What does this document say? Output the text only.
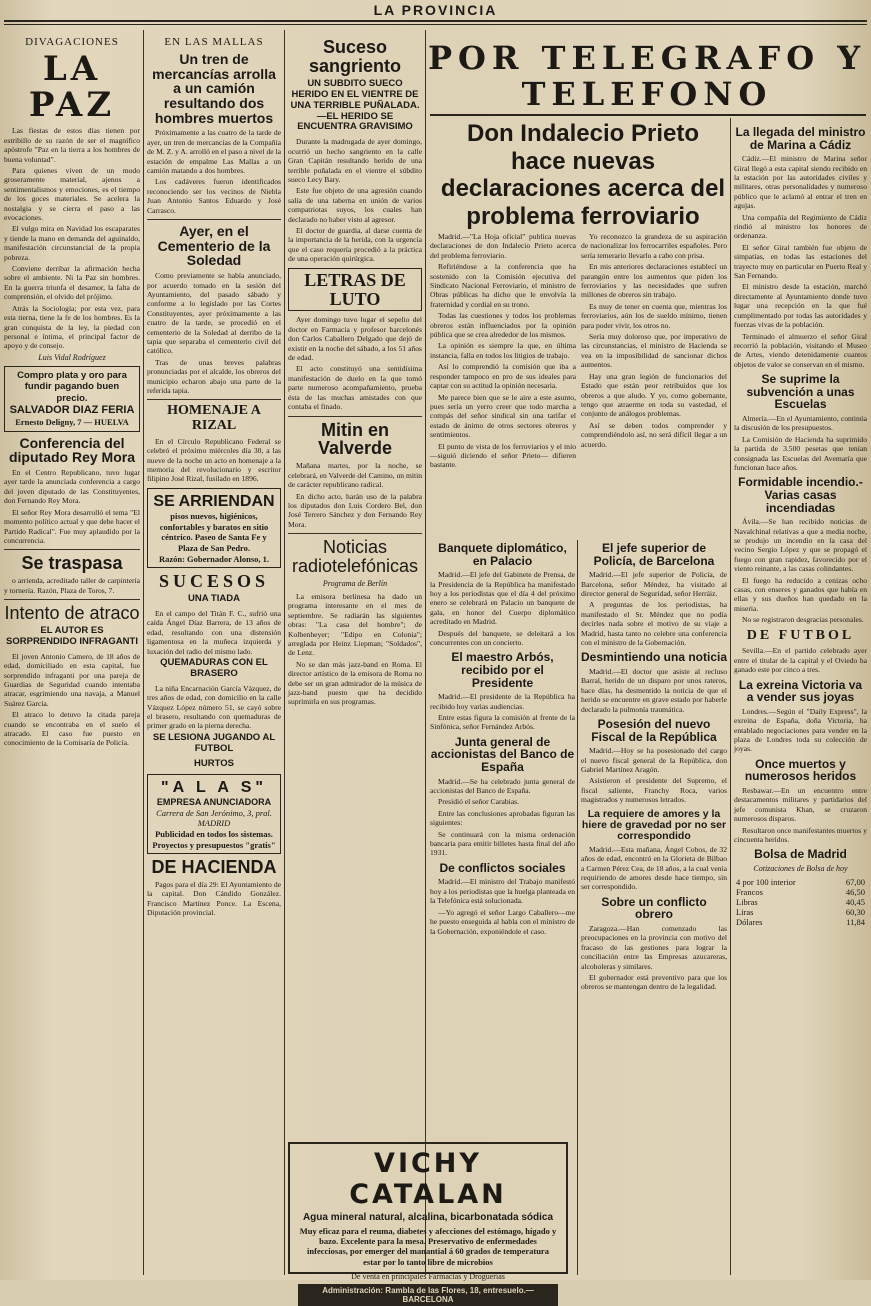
LA PROVINCIA
DIVAGACIONES
LA PAZ

Las fiestas de estos días tienen por estribillo de su razón de ser el magnífico apóstrofe "Paz en la tierra a los hombres de buena voluntad".

Para quienes viven de un modo groseramente material, ajenos a sentimentalismos y emociones, es el tiempo de los goces materiales. Se acelera la nostalgia y se cierra el paso a las evocaciones.

El vulgo mira en Navidad los escaparates y tiende la mano en demanda del aguinaldo, manifestación circunstancial de la propia pobreza.

Conviene derribar la afirmación hecha sobre el ambiente. Ni la Paz sin hombres. En la guerra triunfa el desamor, la falta de comprensión, el olvido del prójimo.

Atrás la Sociología; por esta vez, para esta tierna, tiene la fe de los hombres. Es la gran conquista de la ley, la piedad con personal e íntima, el principal factor de apoyo y de consejo.

Luis Vidal Rodríguez
Compro plata y oro para fundir pagando buen precio.
SALVADOR DIAZ FERIA
Ernesto Deligny, 7 — HUELVA
Conferencia del diputado Rey Mora

En el Centro Republicano, tuvo lugar ayer tarde la anunciada conferencia a cargo del joven diputado de las Constituyentes, don Fernando Rey Mora.

El señor Rey Mora desarrolló el tema "El momento político actual y que debe hacer el Partido Radical". Fue muy aplaudido por la concurrencia.

Se traspasa

o arrienda, acreditado taller de carpintería y tornería. Razón, Plaza de Toros, 7.

Intento de atraco
EL AUTOR ES SORPRENDIDO INFRAGANTI

El joven Antonio Camero, de 18 años de edad, domiciliado en esta capital, fue sorprendido infraganti por una pareja de Guardias de Seguridad cuando intentaba atracar, esgrimiendo una navaja, a Manuel Suárez García.

El atraco lo detuvo la citada pareja cuando se encontraba en el suelo el atracado. El caso fue puesto en conocimiento de la Comisaría de Policía.

EN LAS MALLAS
Un tren de mercancías arrolla a un camión resultando dos hombres muertos

Próximamente a las cuatro de la tarde de ayer, un tren de mercancías de la Compañía de M. Z. y A. arrolló en el paso a nivel de la estación de empalme Las Mallas a un camión matando a dos hombres.

Los cadáveres fueron identificados reconociendo ser los vecinos de Niebla Juan Antonio Santos Eduardo y José Carrasco.

Ayer, en el Cementerio de la Soledad

Como previamente se había anunciado, por acuerdo tomado en la sesión del Ayuntamiento, del pasado sábado y conforme a lo legislado por las Cortes Constituyentes, ayer próximamente a las cuatro de la tarde, se procedió en el cementerio de la Soledad al derribo de la tapia que separaba el cementerio civil del católico.

Tras de unas breves palabras pronunciadas por el alcalde, los obreros del municipio echaron abajo una parte de la referida tapia.

HOMENAJE A RIZAL

En el Círculo Republicano Federal se celebró el próximo miércoles día 30, a las nueve de la noche un acto en homenaje a la memoria del revolucionario y escritor filipino José Rizal, fusilado en 1896.

SE ARRIENDAN
pisos nuevos, higiénicos, confortables y baratos en sitio céntrico. Paseo de Santa Fe y Plaza de San Pedro.
Razón: Gobernador Alonso, 1.
SUCESOS
UNA TIADA

En el campo del Titán F. C., sufrió una caída Ángel Díaz Barrera, de 13 años de edad, resultando con una distensión ligamentosa en la muñeca izquierda y luxación del radio del mismo lado.

QUEMADURAS CON EL BRASERO

La niña Encarnación García Vázquez, de tres años de edad, con domicilio en la calle Vázquez López número 51, se cayó sobre el brasero, resultando con quemaduras de primer grado en la pierna derecha.

SE LESIONA JUGANDO AL FUTBOL
HURTOS
"A L A S"
EMPRESA ANUNCIADORA
Carrera de San Jerónimo, 3, pral. MADRID
Publicidad en todos los sistemas. Proyectos y presupuestos "gratis"
DE HACIENDA

Pagos para el día 29: El Ayuntamiento de la capital. Don Cándido González. Francisco Martínez Ponce. La Escena, Diputación provincial.

Suceso sangriento
UN SUBDITO SUECO HERIDO EN EL VIENTRE DE UNA TERRIBLE PUÑALADA.—EL HERIDO SE ENCUENTRA GRAVISIMO

Durante la madrugada de ayer domingo, ocurrió un hecho sangriento en la calle Gran Capitán resultando herido de una terrible puñalada en el vientre el súbdito sueco Lecy Bary.

Este fue objeto de una agresión cuando salía de una taberna en unión de varios compatriotas suyos, los cuales han declarado no haber visto al agresor.

El doctor de guardia, al darse cuenta de la importancia de la herida, con la urgencia que el caso requería procedió a la práctica de una operación quirúrgica.

LETRAS DE LUTO

Ayer domingo tuvo lugar el sepelio del doctor en Farmacia y profesor barcelonés don Carlos Caballero Delgado que dejó de existir en la noche del sábado, a los 51 años de edad.

El acto constituyó una sentidísima manifestación de duelo en la que tomó parte numeroso acompañamiento, prueba ésta de las muchas amistades con que contaba el finado.

Mitin en Valverde

Mañana martes, por la noche, se celebrará, en Valverde del Camino, un mitin de carácter republicano radical.

En dicho acto, harán uso de la palabra los diputados don Luis Cordero Bel, don José Terrero Sánchez y don Fernando Rey Mora.

Noticias radiotelefónicas
Programa de Berlín

La emisora berlinesa ha dado un programa interesante en el mes de septiembre. Se radiarán las siguientes obras: "La casa del hombre"; de Kolbenheyer; "Edipo en Colonia"; arreglada por Heinz Liepman; "Soldados", de Lenz.

No se dan más jazz-band en Roma. El director artístico de la emisora de Roma no debe ser un gran admirador de la música de jazz-band puesto que ha decidido suprimirla en sus programas.

VICHY CATALAN
Agua mineral natural, alcalina, bicarbonatada sódica
Muy eficaz para el reuma, diabetes y afecciones del estómago, hígado y bazo. Excelente para la mesa. Preservativo de enfermedades infecciosas, por emerger del manantial á 60 grados de temperatura estar por lo tanto libre de microbios
De venta en principales Farmacias y Droguerías
Administración: Rambla de las Flores, 18, entresuelo.—BARCELONA
POR TELEGRAFO Y TELEFONO
Don Indalecio Prieto hace nuevas declaraciones acerca del problema ferroviario

Madrid.—"La Hoja oficial" publica nuevas declaraciones de don Indalecio Prieto acerca del problema ferroviario.

Refiriéndose a la conferencia que ha sostenido con la Comisión ejecutiva del Sindicato Nacional Ferroviario, el ministro de Obras públicas ha dicho que le envolvía la fraternidad y cordial en su trono.

Todas las cuestiones y todos los problemas obreros están influenciados por la opinión pública que se crea alrededor de los mismos.

La opinión es siempre la que, en última instancia, falla en todos los litigios de trabajo.

Así lo comprendió la comisión que iba a responder tampoco en pro de sus ideales para captar con su actitud la opinión necesaria.

Me parece bien que se le aire a este asunto, pues sería un yerro creer que todo marcha a compás del señor sindical sin una tarifar el estado de ánimo de otros sectores obreros y sentimientos.

El punto de vista de los ferroviarios y el mío —siguió diciendo el señor Prieto— difieren bastante.

Yo reconozco la grandeza de su aspiración de nacionalizar los ferrocarriles españoles. Pero sería temerario llevarlo a cabo con prisa.

En mis anteriores declaraciones establecí un parangón entre los aumentos que piden los ferroviarios y las necesidades que sufren millones de obreros sin trabajo.

Es muy de tener en cuenta que, mientras los ferroviarios, aún los de sueldo mínimo, tienen para poder vivir, los otros no.

Sería muy doloroso que, por imperativo de las circunstancias, el ministro de Hacienda se vea en la imposibilidad de sancionar dichos aumentos.

Hay una gran legión de funcionarios del Estado que están peor retribuidos que los obreros a que aludo. Y yo, como gobernante, tengo que atraerme en toda su vastedad, el conjunto de análogos problemas.

Así se deben todos comprender y comprendiéndolo así, no será difícil llegar a un acuerdo.

Banquete diplomático, en Palacio

Madrid.—El jefe del Gabinete de Prensa, de la Presidencia de la República ha manifestado hoy a los periodistas que el día 4 del próximo enero se celebrará en Palacio un banquete de gala, en honor del Cuerpo diplomático acreditado en Madrid.

Después del banquete, se deleitará a los concurrentes con un concierto.

El maestro Arbós, recibido por el Presidente

Madrid.—El presidente de la República ha recibido hoy varias audiencias.

Entre estas figura la comisión al frente de la Sinfónica, señor Fernández Arbós.

Junta general de accionistas del Banco de España

Madrid.—Se ha celebrado junta general de accionistas del Banco de España.

Presidió el señor Carabias.

Entre las conclusiones aprobadas figuran las siguientes:

Se continuará con la misma ordenación bancaria para emitir billetes hasta final del año 1931.

De conflictos sociales

Madrid.—El ministro del Trabajo manifestó hoy a los periodistas que la huelga planteada en la Telefónica está solucionada.

—Yo agregó el señor Largo Caballero—me he puesto enseguida al habla con el ministro de la Gobernación, exponiéndole el caso.

El jefe superior de Policía, de Barcelona

Madrid.—El jefe superior de Policía, de Barcelona, señor Méndez, ha visitado al director general de Seguridad, señor Herráiz.

A preguntas de los periodistas, ha manifestado el Sr. Méndez que no podía decirles nada sobre el motivo de su viaje a Madrid, hasta tanto no celebre una conferencia con el ministro de la Gobernación.

Desmintiendo una noticia

Madrid.—El doctor que asiste al recluso Barral, herido de un disparo por unos rateros, hace días, ha desmentido la noticia de que el herido se encuentre en grave estado por haberle declarado la pulmonía traumática.

Posesión del nuevo Fiscal de la República

Madrid.—Hoy se ha posesionado del cargo el nuevo fiscal general de la República, don Gabriel Martínez Aragón.

Asistieron el presidente del Supremo, el fiscal saliente, Franchy Roca, varios magistrados y numerosos letrados.

La requiere de amores y la hiere de gravedad por no ser correspondido

Madrid.—Esta mañana, Ángel Cobos, de 32 años de edad, encontró en la Glorieta de Bilbao a Carmen Pérez Cea, de 18 años, a la cual venía requiriendo de amores desde hace tiempo, sin ser correspondido.

Sobre un conflicto obrero

Zaragoza.—Han comenzado las preocupaciones en la provincia con motivo del fracaso de las gestiones para lograr la conciliación entre las Empresas azucareras, alcoholeras y similares.

El gobernador está preventivo para que los obreros se mantengan dentro de la legalidad.

La llegada del ministro de Marina a Cádiz

Cádiz.—El ministro de Marina señor Giral llegó a esta capital siendo recibido en la estación por las autoridades civiles y militares, otras personalidades y numeroso público que le aclamó al entrar el tren en agujas.

Una compañía del Regimiento de Cádiz rindió al ministro los honores de ordenanza.

El señor Giral también fue objeto de simpatías, en todas las estaciones del trayecto muy en particular en Puerto Real y San Fernando.

El ministro desde la estación, marchó directamente al Ayuntamiento donde tuvo lugar una recepción en la que fué cumplimentado por todas las autoridades y fuerzas vivas de la población.

Terminado el almuerzo el señor Giral recorrió la población, visitando el Museo de Artes, viendo detenidamente cuantos objetos de valor se conservan en el mismo.

Se suprime la subvención a unas Escuelas

Almería.—En el Ayuntamiento, continúa la discusión de los presupuestos.

La Comisión de Hacienda ha suprimido la partida de 3.500 pesetas que tenían consignada las Escuelas del Avemaría que funcionan hace años.

Formidable incendio.-Varias casas incendiadas

Ávila.—Se han recibido noticias de Navalchinal relativas a que a media noche, se produjo un incendio en la casa del vecino Sergio López y que se propagó el fuego con gran rapidez, favorecido por el viento reinante, a las casas colindantes.

El fuego ha reducido a cenizas ocho casas, con enseres y ganados que había en ellas y sus dueños han quedado en la miseria.

No se registraron desgracias personales.

DE FUTBOL

Sevilla.—En el partido celebrado ayer entre el titular de la capital y el Oviedo ha ganado este por cinco a tres.

La exreina Victoria va a vender sus joyas

Londres.—Según el "Daily Express", la exreina de España, doña Victoria, ha entablado negociaciones para vender en la plaza de Londres toda su colección de joyas.

Once muertos y numerosos heridos

Resbawar.—En un encuentro entre destacamentos militares y partidarios del jefe comunista Khan, se cruzaron numerosos disparos.

Resultaron once manifestantes muertos y cincuenta heridos.

Bolsa de Madrid
Cotizaciones de Bolsa de hoy
4 por 100 interior	67,00
Francos	46,50
Libras	40,45
Liras	60,30
Dólares	11,84
